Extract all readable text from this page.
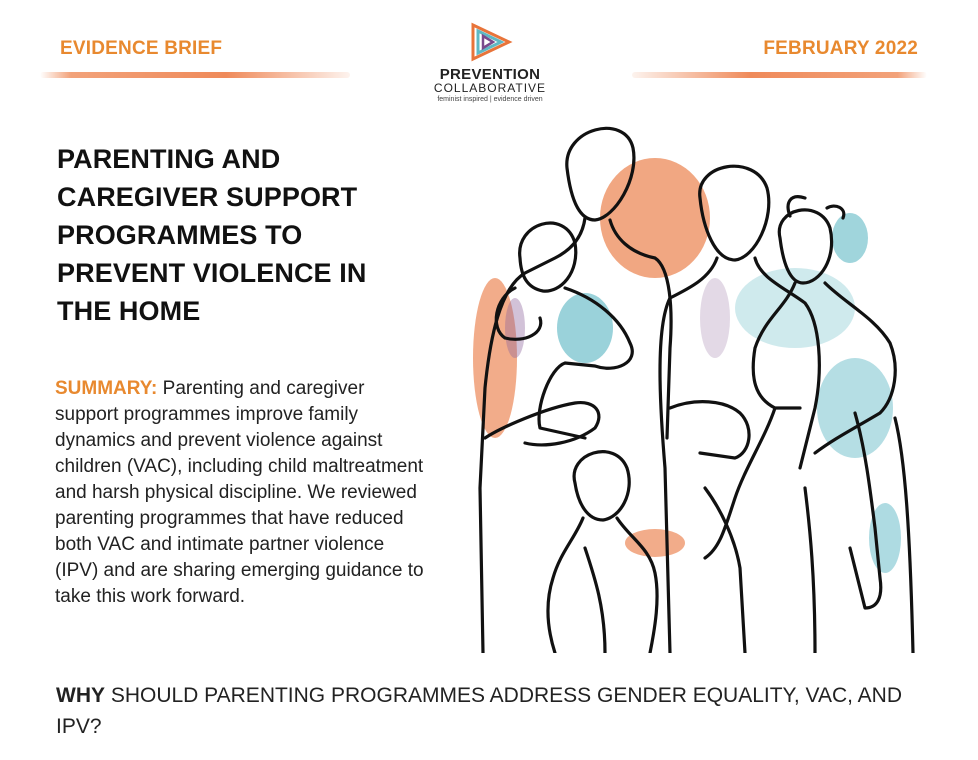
EVIDENCE BRIEF
PREVENTION
COLLABORATIVE
feminist inspired | evidence driven
FEBRUARY 2022
PARENTING AND
CAREGIVER SUPPORT
PROGRAMMES TO
PREVENT VIOLENCE IN
THE HOME
SUMMARY: Parenting and caregiver support programmes improve family dynamics and prevent violence against children (VAC), including child maltreatment and harsh physical discipline. We reviewed parenting programmes that have reduced both VAC and intimate partner violence (IPV) and are sharing emerging guidance to take this work forward.
WHY SHOULD PARENTING PROGRAMMES ADDRESS GENDER EQUALITY, VAC, AND IPV?
